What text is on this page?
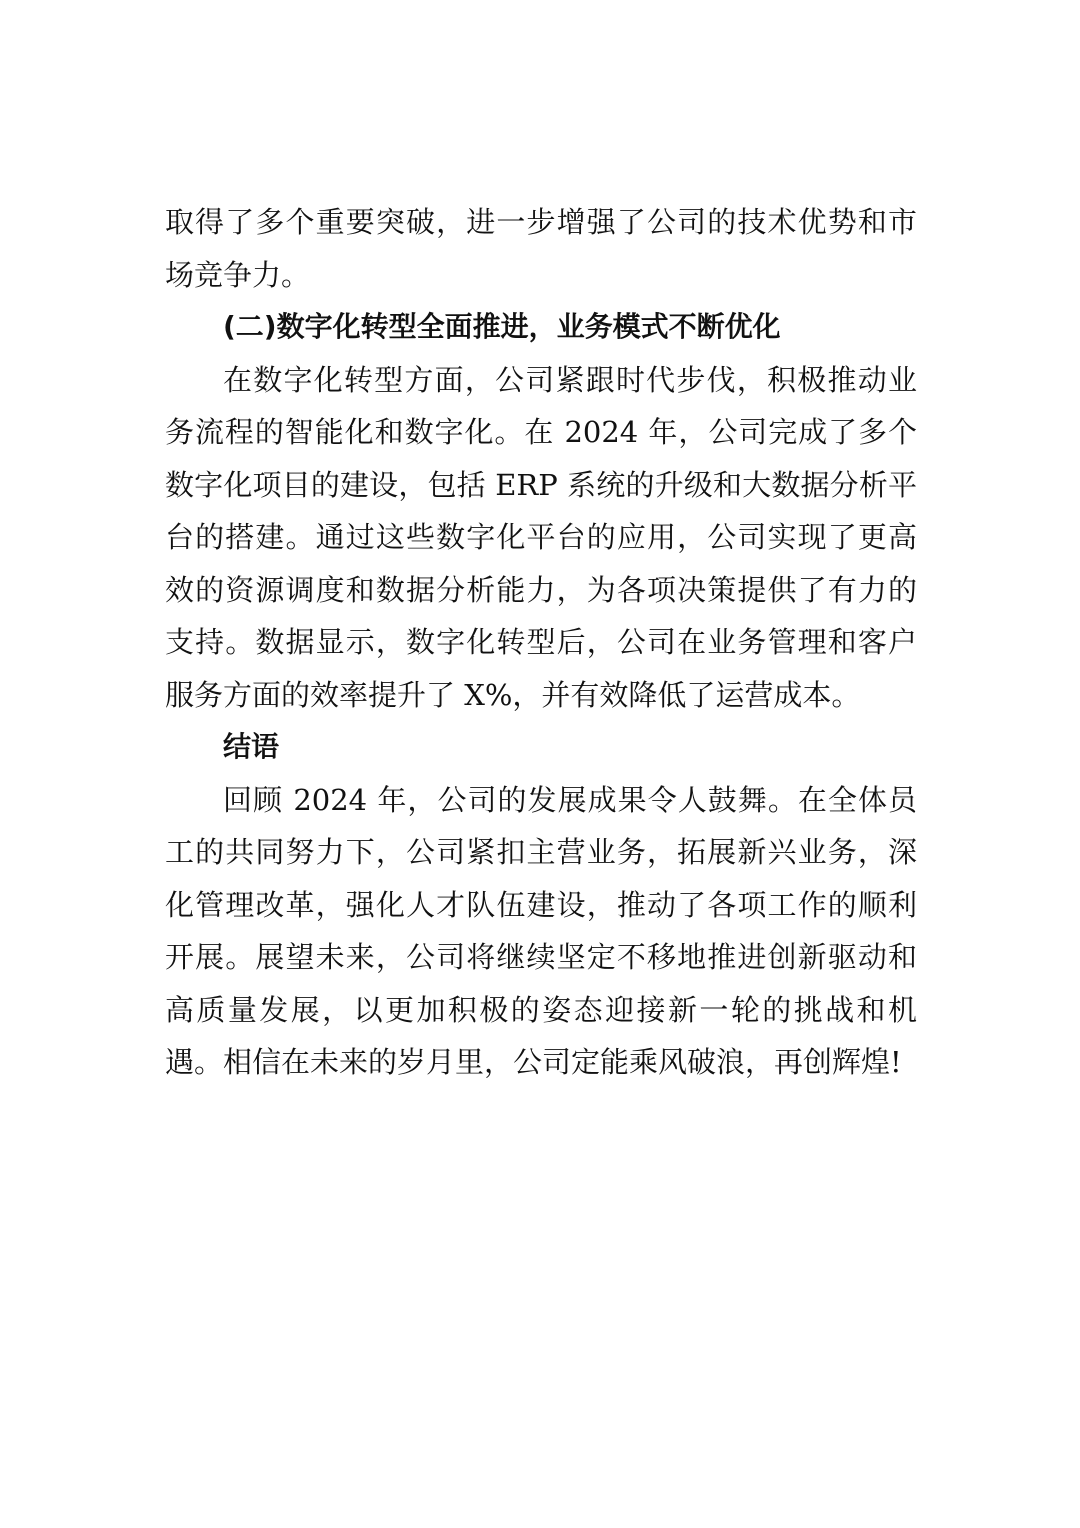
取得了多个重要突破，进一步增强了公司的技术优势和市场竞争力。

(二)数字化转型全面推进，业务模式不断优化

在数字化转型方面，公司紧跟时代步伐，积极推动业务流程的智能化和数字化。在 2024 年，公司完成了多个数字化项目的建设，包括 ERP 系统的升级和大数据分析平台的搭建。通过这些数字化平台的应用，公司实现了更高效的资源调度和数据分析能力，为各项决策提供了有力的支持。数据显示，数字化转型后，公司在业务管理和客户服务方面的效率提升了 X%，并有效降低了运营成本。

结语

回顾 2024 年，公司的发展成果令人鼓舞。在全体员工的共同努力下，公司紧扣主营业务，拓展新兴业务，深化管理改革，强化人才队伍建设，推动了各项工作的顺利开展。展望未来，公司将继续坚定不移地推进创新驱动和高质量发展，以更加积极的姿态迎接新一轮的挑战和机遇。相信在未来的岁月里，公司定能乘风破浪，再创辉煌!
